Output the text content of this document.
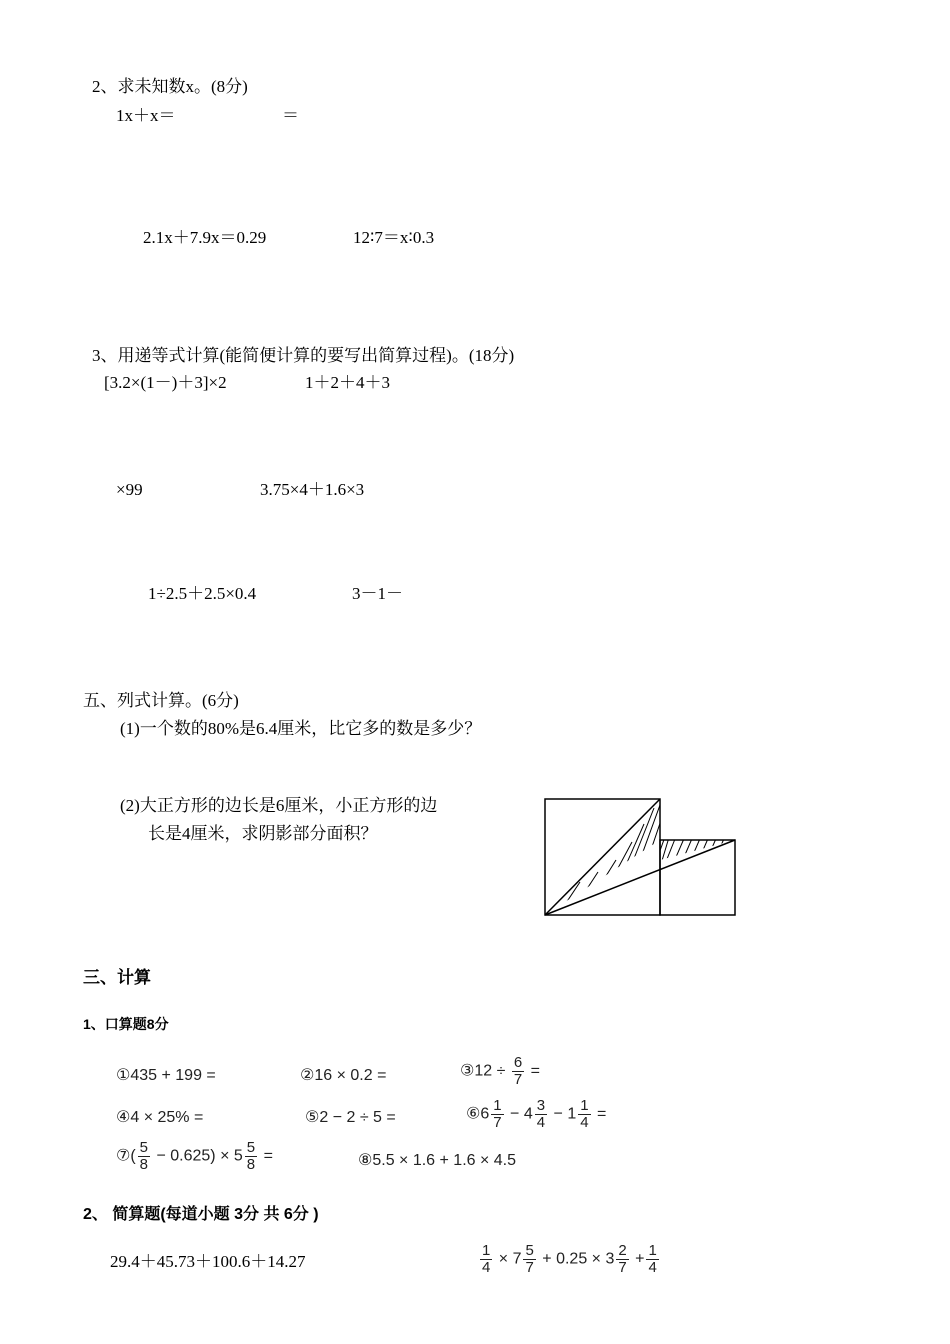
2、求未知数x。(8分)
1x＋x＝	＝
2.1x＋7.9x＝0.29	12∶7＝x∶0.3
3、用递等式计算(能简便计算的要写出简算过程)。(18分)
[3.2×(1－)＋3]×2	1＋2＋4＋3
×99	3.75×4＋1.6×3
1÷2.5＋2.5×0.4	3－1－
五、列式计算。(6分)
(1)一个数的80%是6.4厘米，比它多的数是多少？
(2)大正方形的边长是6厘米，小正方形的边
长是4厘米，求阴影部分面积？
三、计算
1、口算题8分
①435 + 199 =	②16 × 0.2 =	③12 ÷ $\frac{6}{7}$ =
④4 × 25% =	⑤2 − 2 ÷ 5 =	⑥6 $\frac{1}{7} - 4 \frac{3}{4} - 1 \frac{1}{4}$ =
⑦( $\frac{5}{8} - 0.625) \times 5 \frac{5}{8}$ =	⑧5.5 × 1.6 + 1.6 × 4.5
2、 简算题(每道小题 3分 共 6分 )
29.4＋45.73＋100.6＋14.27	$\frac{1}{4} \times 7 \frac{5}{7} + 0.25 \times 3 \frac{2}{7} + \frac{1}{4}$
